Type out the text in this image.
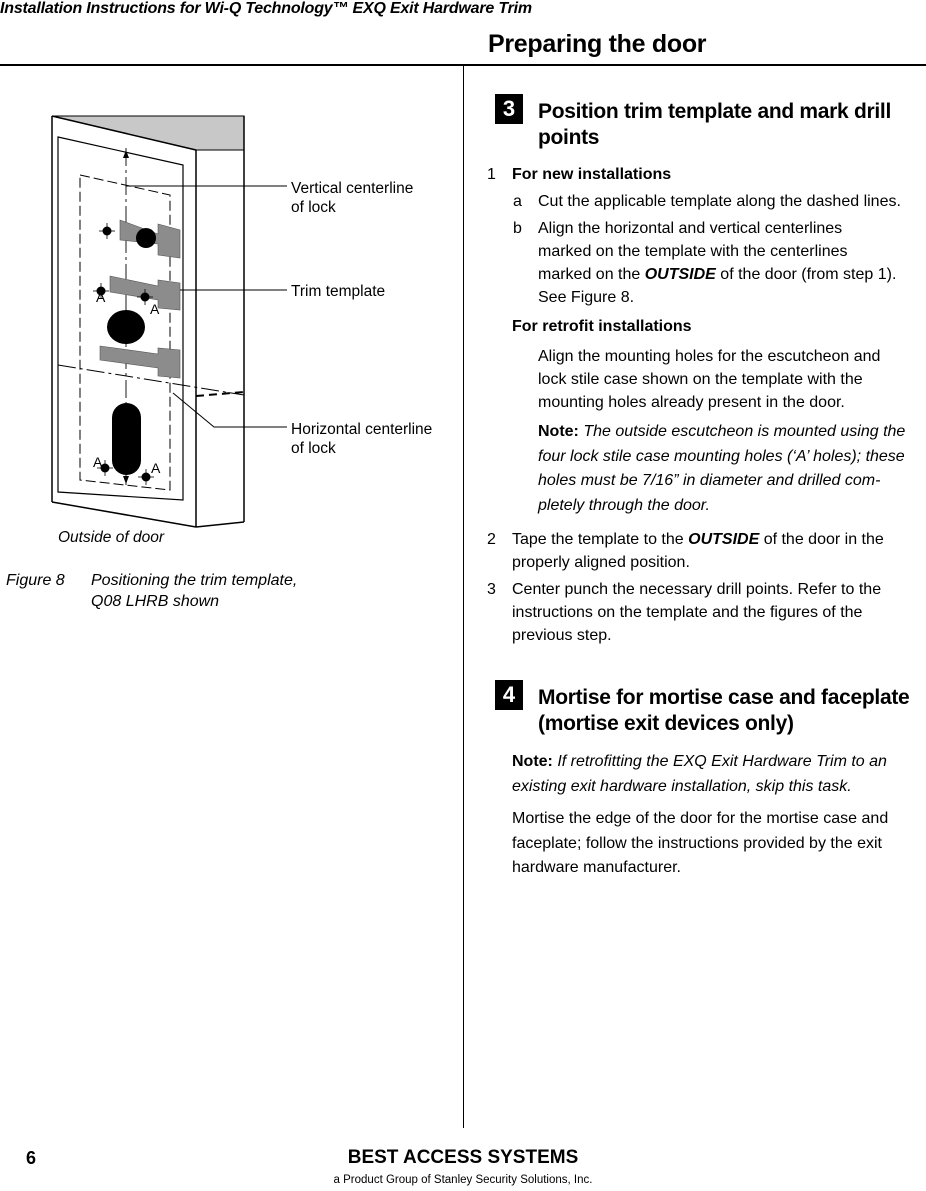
Installation Instructions for Wi-Q Technology™ EXQ Exit Hardware Trim
Preparing the door
A
A
A	A
Vertical centerline
of lock
Trim template
Horizontal centerline
of lock
Outside of door
Figure 8 Positioning the trim template,
Q08 LHRB shown
3	Position trim template and mark drill
points
1 For new installations
a Cut the applicable template along the dashed lines.
b Align the horizontal and vertical centerlines
marked on the template with the centerlines
marked on the OUTSIDE of the door (from step 1).
See Figure 8.
For retrofit installations
Align the mounting holes for the escutcheon and
lock stile case shown on the template with the
mounting holes already present in the door.
Note: The outside escutcheon is mounted using the
four lock stile case mounting holes (‘A’ holes); these
holes must be 7/16” in diameter and drilled com-
pletely through the door.
2 Tape the template to the OUTSIDE of the door in the
properly aligned position.
3 Center punch the necessary drill points. Refer to the
instructions on the template and the figures of the
previous step.
4	Mortise for mortise case and faceplate
(mortise exit devices only)
Note: If retrofitting the EXQ Exit Hardware Trim to an
existing exit hardware installation, skip this task.
Mortise the edge of the door for the mortise case and
faceplate; follow the instructions provided by the exit
hardware manufacturer.
6	BEST ACCESS SYSTEMS
a Product Group of Stanley Security Solutions, Inc.
